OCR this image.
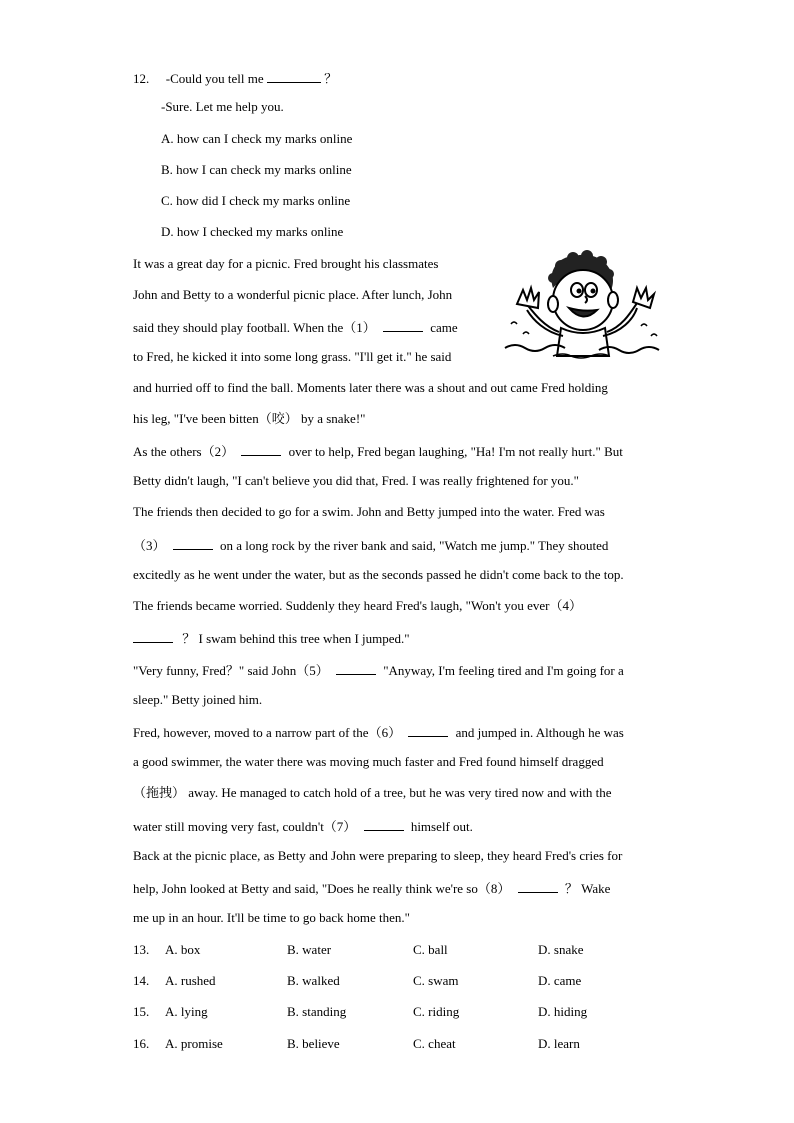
12. -Could you tell me	？
-Sure. Let me help you.
A. how can I check my marks online
B. how I can check my marks online
C. how did I check my marks online
D. how I checked my marks online
It was a great day for a picnic. Fred brought his classmates
John and Betty to a wonderful picnic place. After lunch, John
said they should play football. When the（1）	came
to Fred, he kicked it into some long grass. "I'll get it." he said
and hurried off to find the ball. Moments later there was a shout and out came Fred holding
his leg, "I've been bitten（咬） by a snake!"
As the others（2）	over to help, Fred began laughing, "Ha! I'm not really hurt." But
Betty didn't laugh, "I can't believe you did that, Fred. I was really frightened for you."
The friends then decided to go for a swim. John and Betty jumped into the water. Fred was
（3）	on a long rock by the river bank and said, "Watch me jump." They shouted
excitedly as he went under the water, but as the seconds passed he didn't come back to the top.
The friends became worried. Suddenly they heard Fred's laugh, "Won't you ever（4）
？ I swam behind this tree when I jumped."
"Very funny, Fred？" said John（5）	"Anyway, I'm feeling tired and I'm going for a
sleep." Betty joined him.
Fred, however, moved to a narrow part of the（6）	and jumped in. Although he was
a good swimmer, the water there was moving much faster and Fred found himself dragged
（拖拽） away. He managed to catch hold of a tree, but he was very tired now and with the
water still moving very fast, couldn't（7）	himself out.
Back at the picnic place, as Betty and John were preparing to sleep, they heard Fred's cries for
help, John looked at Betty and said, "Does he really think we're so（8）	？ Wake
me up in an hour. It'll be time to go back home then."
13. A. box	B. water	C. ball	D. snake
14. A. rushed	B. walked	C. swam	D. came
15. A. lying	B. standing	C. riding	D. hiding
16. A. promise	B. believe	C. cheat	D. learn
